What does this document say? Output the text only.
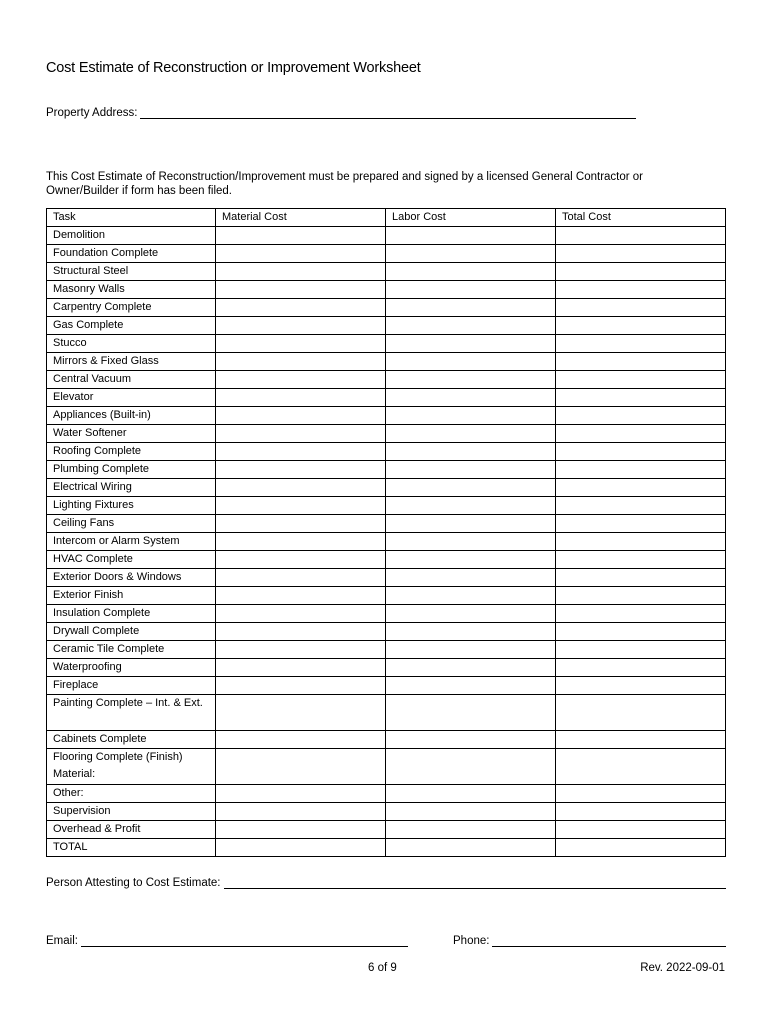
Cost Estimate of Reconstruction or Improvement Worksheet
Property Address:
This Cost Estimate of Reconstruction/Improvement must be prepared and signed by a licensed General Contractor or Owner/Builder if form has been filed.
Task	Material Cost	Labor Cost	Total Cost
Demolition			
Foundation Complete			
Structural Steel			
Masonry Walls			
Carpentry Complete			
Gas Complete			
Stucco			
Mirrors & Fixed Glass			
Central Vacuum			
Elevator			
Appliances (Built-in)			
Water Softener			
Roofing Complete			
Plumbing Complete			
Electrical Wiring			
Lighting Fixtures			
Ceiling Fans			
Intercom or Alarm System			
HVAC Complete			
Exterior Doors & Windows			
Exterior Finish			
Insulation Complete			
Drywall Complete			
Ceramic Tile Complete			
Waterproofing			
Fireplace			
Painting Complete – Int. & Ext.			
Cabinets Complete			
Flooring Complete (Finish) Material:			
Other:			
Supervision			
Overhead & Profit			
TOTAL			
Person Attesting to Cost Estimate:
Email:	Phone:
6 of 9	Rev. 2022-09-01
